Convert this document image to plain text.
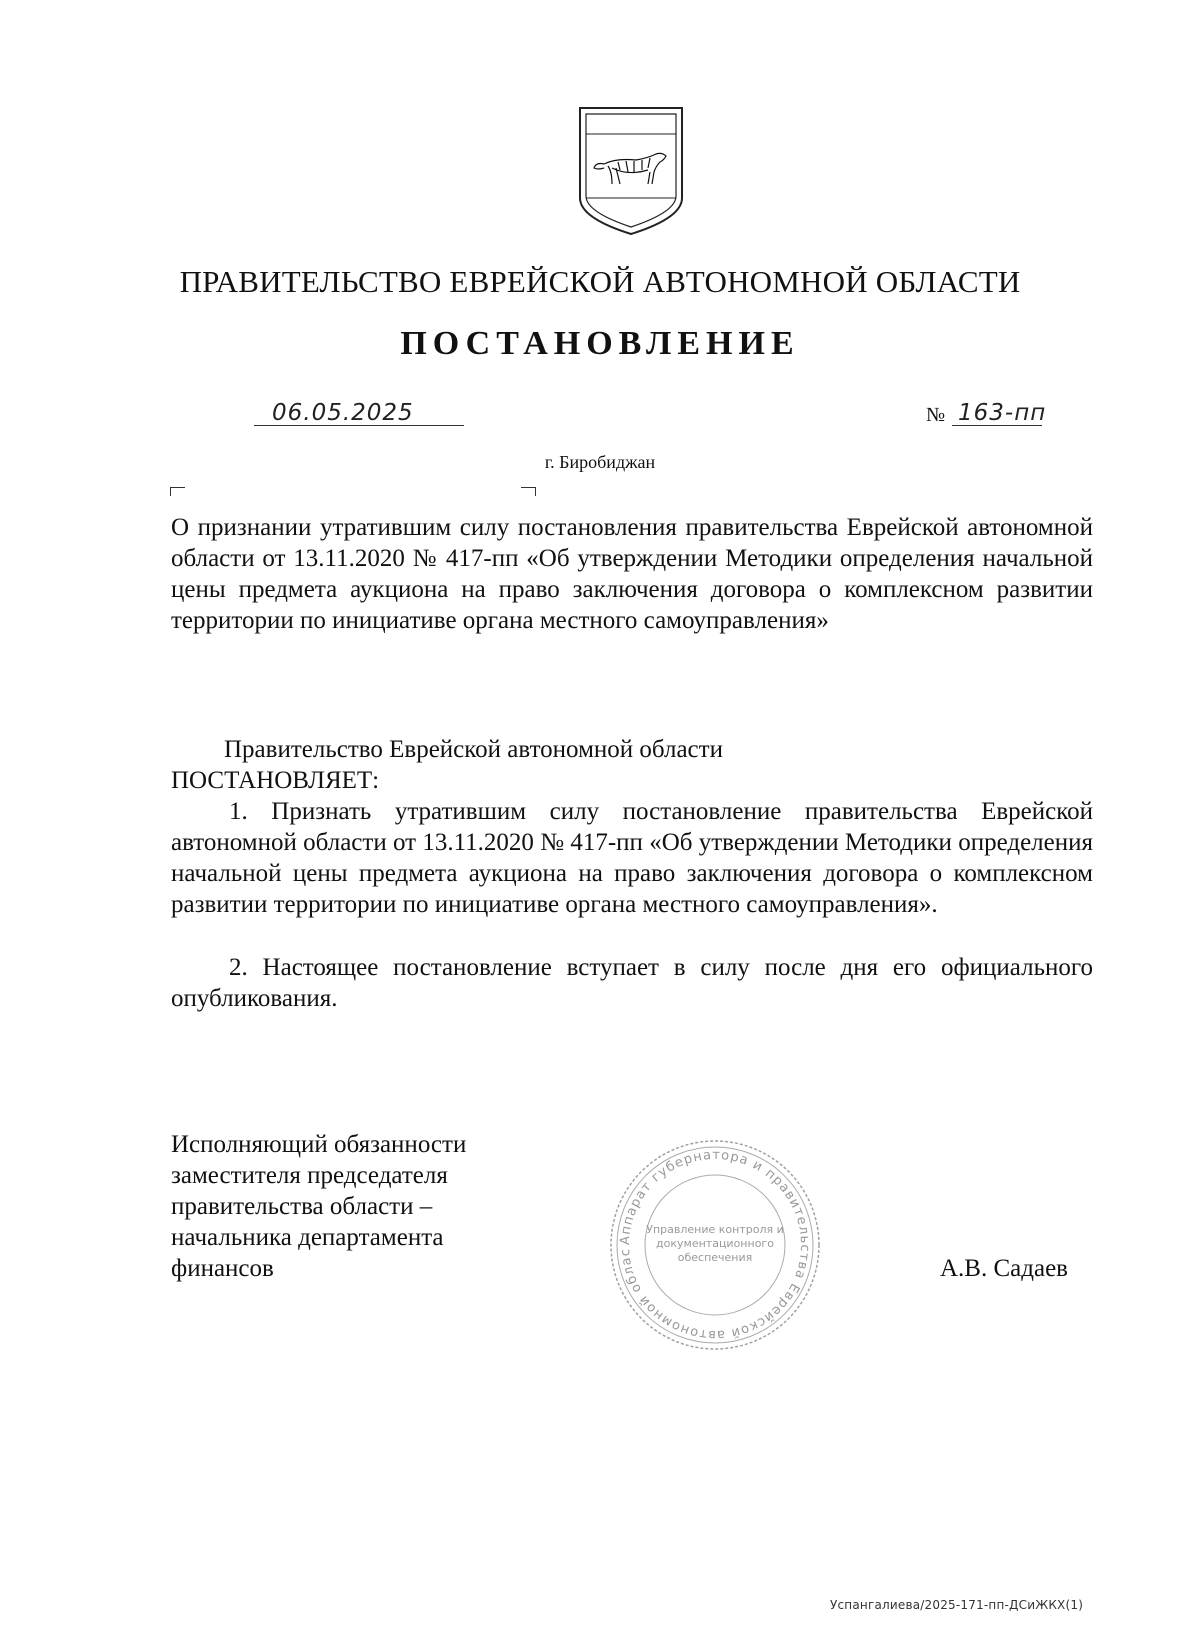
ПРАВИТЕЛЬСТВО ЕВРЕЙСКОЙ АВТОНОМНОЙ ОБЛАСТИ
ПОСТАНОВЛЕНИЕ
06.05.2025	№ 163-пп
г. Биробиджан
О признании утратившим силу постановления правительства Еврейской автономной области от 13.11.2020 № 417-пп «Об утверждении Методики определения начальной цены предмета аукциона на право заключения договора о комплексном развитии территории по инициативе органа местного самоуправления»
Правительство Еврейской автономной области
ПОСТАНОВЛЯЕТ:
1. Признать утратившим силу постановление правительства Еврейской автономной области от 13.11.2020 № 417-пп «Об утверждении Методики определения начальной цены предмета аукциона на право заключения договора о комплексном развитии территории по инициативе органа местного самоуправления».
2. Настоящее постановление вступает в силу после дня его официального опубликования.
Исполняющий обязанности
заместителя председателя
правительства области –
начальника департамента
финансов
Аппарат губернатора и правительства Еврейской автономной облас
Управление контроля и
документационного
обеспечения	А.В. Садаев
Успангалиева/2025-171-пп-ДСиЖКХ(1)
